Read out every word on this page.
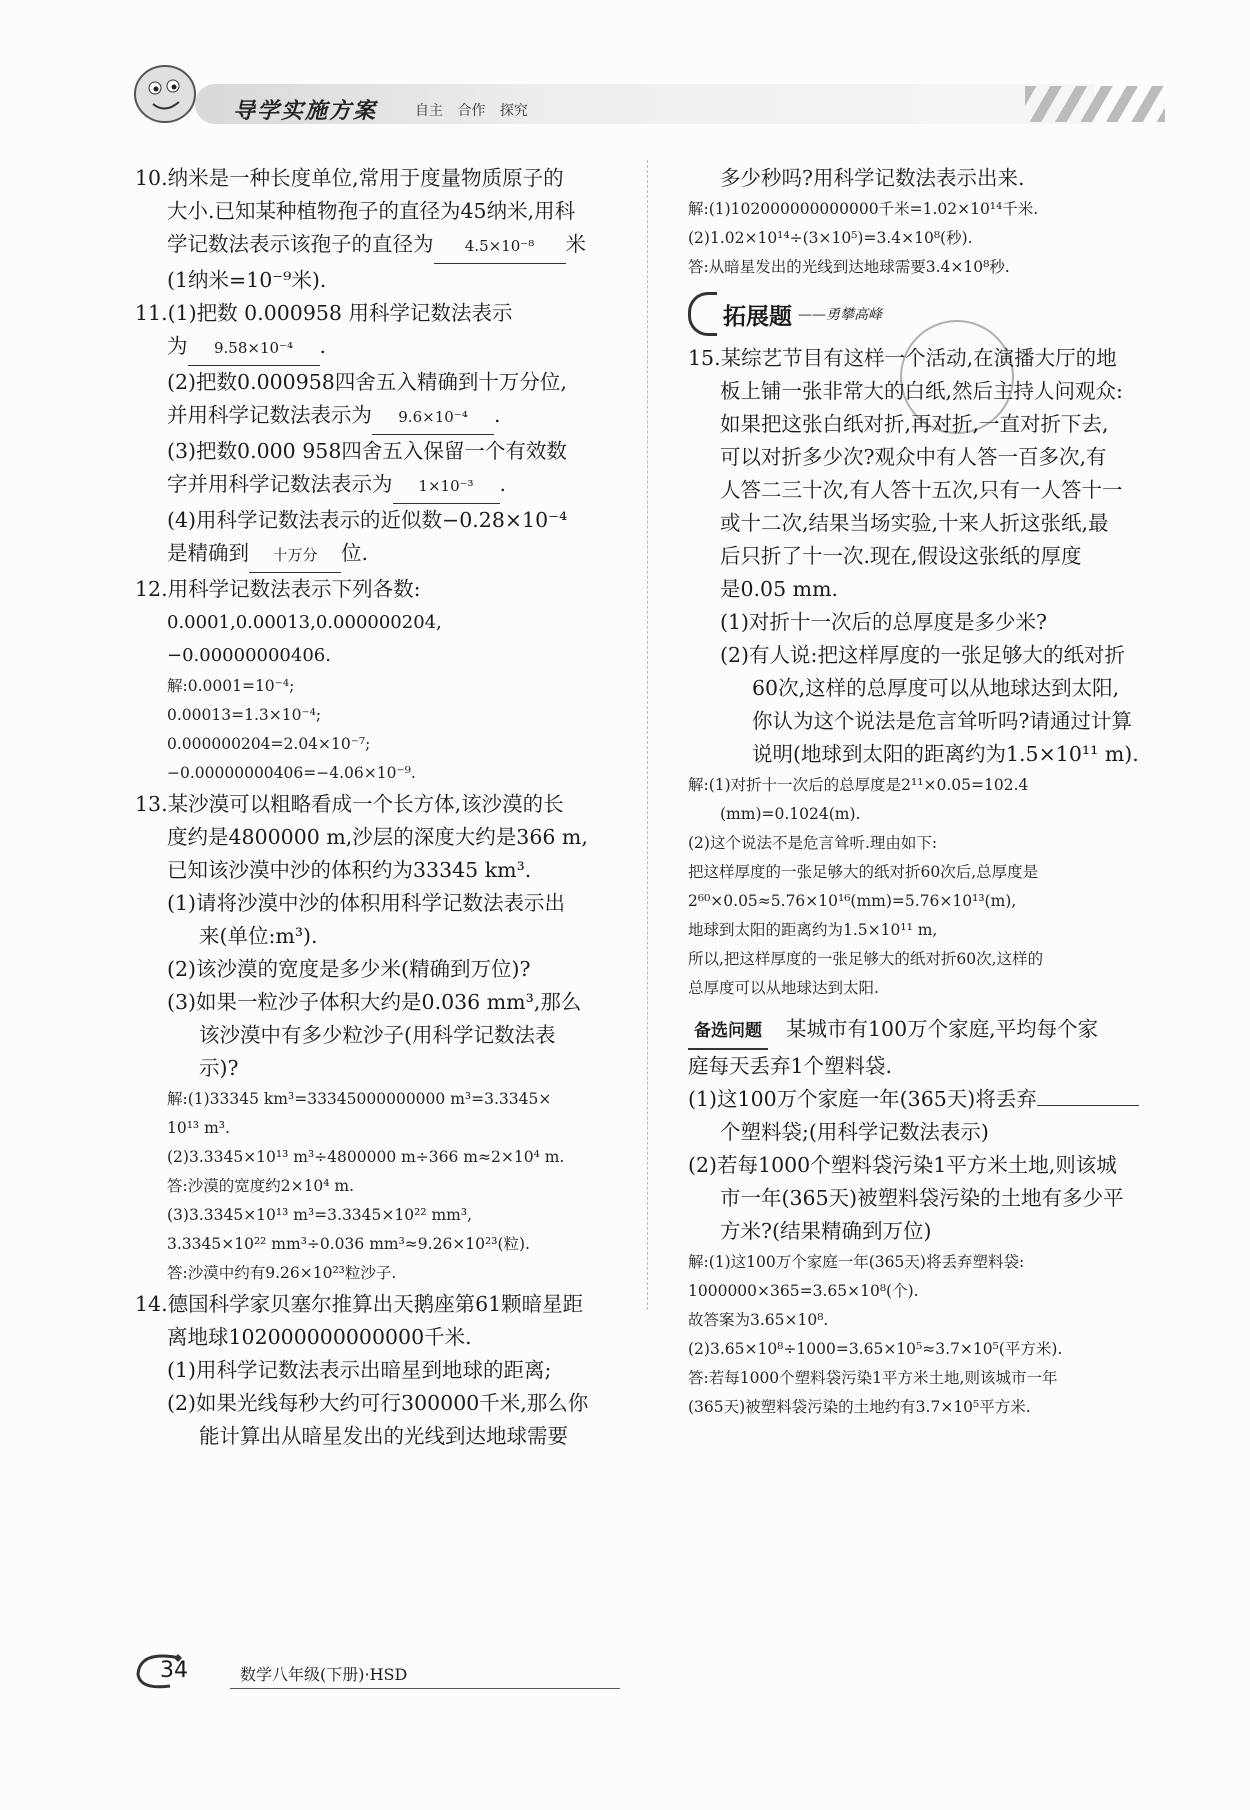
导学实施方案	自主 合作 探究

10.纳米是一种长度单位,常用于度量物质原子的

大小.已知某种植物孢子的直径为45纳米,用科

学记数法表示该孢子的直径为 4.5×10⁻⁸ 米

(1纳米=10⁻⁹米).

11.(1)把数 0.000958 用科学记数法表示

为 9.58×10⁻⁴ .

(2)把数0.000958四舍五入精确到十万分位,

并用科学记数法表示为 9.6×10⁻⁴ .

(3)把数0.000 958四舍五入保留一个有效数

字并用科学记数法表示为 1×10⁻³ .

(4)用科学记数法表示的近似数−0.28×10⁻⁴

是精确到 十万分 位.

12.用科学记数法表示下列各数:

0.0001,0.00013,0.000000204,

−0.00000000406.

解:0.0001=10⁻⁴;

0.00013=1.3×10⁻⁴;

0.000000204=2.04×10⁻⁷;

−0.00000000406=−4.06×10⁻⁹.

13.某沙漠可以粗略看成一个长方体,该沙漠的长

度约是4800000 m,沙层的深度大约是366 m,

已知该沙漠中沙的体积约为33345 km³.

(1)请将沙漠中沙的体积用科学记数法表示出

来(单位:m³).

(2)该沙漠的宽度是多少米(精确到万位)?

(3)如果一粒沙子体积大约是0.036 mm³,那么

该沙漠中有多少粒沙子(用科学记数法表

示)?

解:(1)33345 km³=33345000000000 m³=3.3345×

10¹³ m³.

(2)3.3345×10¹³ m³÷4800000 m÷366 m≈2×10⁴ m.

答:沙漠的宽度约2×10⁴ m.

(3)3.3345×10¹³ m³=3.3345×10²² mm³,

3.3345×10²² mm³÷0.036 mm³≈9.26×10²³(粒).

答:沙漠中约有9.26×10²³粒沙子.

14.德国科学家贝塞尔推算出天鹅座第61颗暗星距

离地球102000000000000千米.

(1)用科学记数法表示出暗星到地球的距离;

(2)如果光线每秒大约可行300000千米,那么你

能计算出从暗星发出的光线到达地球需要

多少秒吗?用科学记数法表示出来.

解:(1)102000000000000千米=1.02×10¹⁴千米.

(2)1.02×10¹⁴÷(3×10⁵)=3.4×10⁸(秒).

答:从暗星发出的光线到达地球需要3.4×10⁸秒.

拓展题 ——勇攀高峰

15.某综艺节目有这样一个活动,在演播大厅的地

板上铺一张非常大的白纸,然后主持人问观众:

如果把这张白纸对折,再对折,一直对折下去,

可以对折多少次?观众中有人答一百多次,有

人答二三十次,有人答十五次,只有一人答十一

或十二次,结果当场实验,十来人折这张纸,最

后只折了十一次.现在,假设这张纸的厚度

是0.05 mm.

(1)对折十一次后的总厚度是多少米?

(2)有人说:把这样厚度的一张足够大的纸对折

60次,这样的总厚度可以从地球达到太阳,

你认为这个说法是危言耸听吗?请通过计算

说明(地球到太阳的距离约为1.5×10¹¹ m).

解:(1)对折十一次后的总厚度是2¹¹×0.05=102.4

(mm)=0.1024(m).

(2)这个说法不是危言耸听.理由如下:

把这样厚度的一张足够大的纸对折60次后,总厚度是

2⁶⁰×0.05≈5.76×10¹⁶(mm)=5.76×10¹³(m),

地球到太阳的距离约为1.5×10¹¹ m,

所以,把这样厚度的一张足够大的纸对折60次,这样的

总厚度可以从地球达到太阳.

备选问题 某城市有100万个家庭,平均每个家

庭每天丢弃1个塑料袋.

(1)这100万个家庭一年(365天)将丢弃

个塑料袋;(用科学记数法表示)

(2)若每1000个塑料袋污染1平方米土地,则该城

市一年(365天)被塑料袋污染的土地有多少平

方米?(结果精确到万位)

解:(1)这100万个家庭一年(365天)将丢弃塑料袋:

1000000×365=3.65×10⁸(个).

故答案为3.65×10⁸.

(2)3.65×10⁸÷1000=3.65×10⁵≈3.7×10⁵(平方米).

答:若每1000个塑料袋污染1平方米土地,则该城市一年

(365天)被塑料袋污染的土地约有3.7×10⁵平方米.

34	数学八年级(下册)·HSD
